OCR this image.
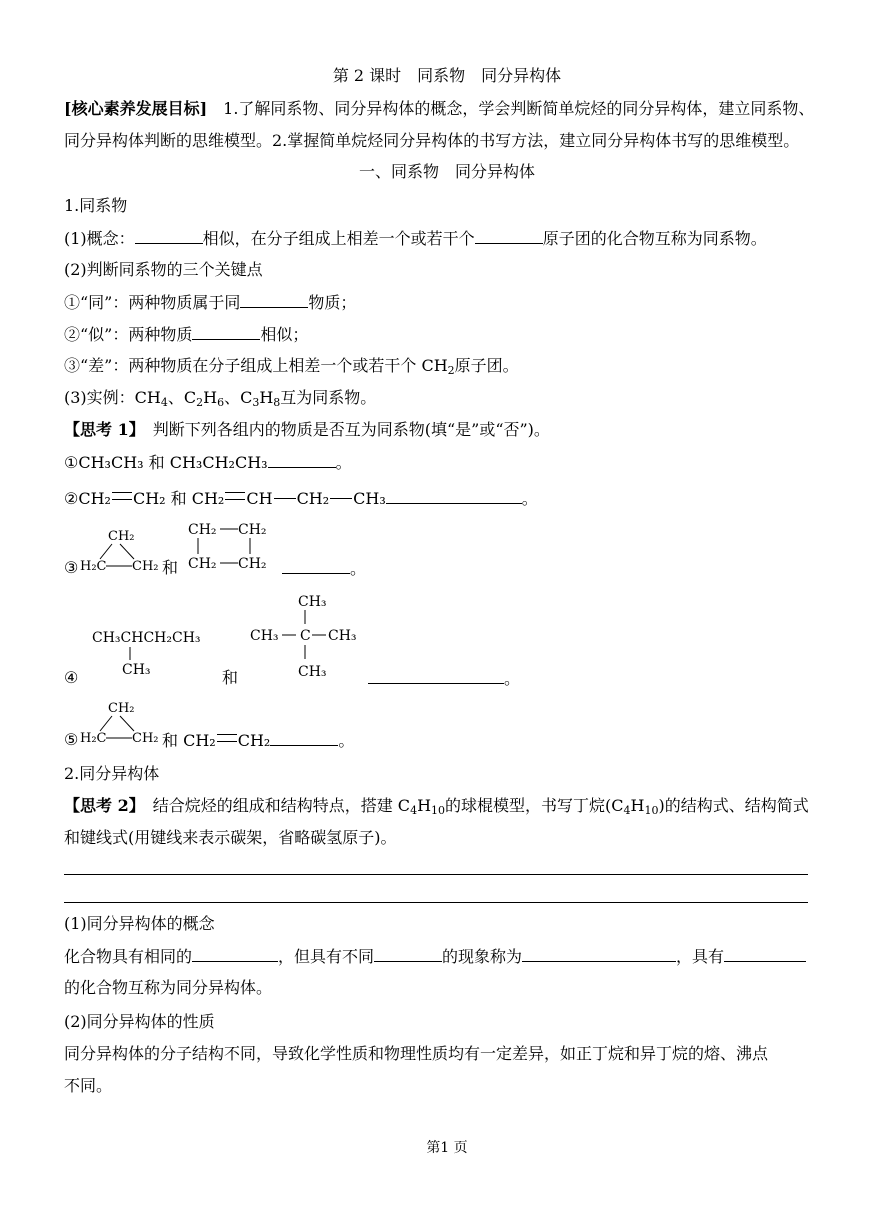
第 2 课时　同系物　同分异构体
[核心素养发展目标]　1.了解同系物、同分异构体的概念，学会判断简单烷烃的同分异构体，建立同系物、
同分异构体判断的思维模型。2.掌握简单烷烃同分异构体的书写方法，建立同分异构体书写的思维模型。
一、同系物　同分异构体
1.同系物
(1)概念：	相似，在分子组成上相差一个或若干个	原子团的化合物互称为同系物。
(2)判断同系物的三个关键点
①“同”：两种物质属于同	物质；
②“似”：两种物质	相似；
③“差”：两种物质在分子组成上相差一个或若干个 $CH_2$原子团。
(3)实例：$CH_4$、$C_2H_6$、$C_3H_8$互为同系物。
【思考 1】　判断下列各组内的物质是否互为同系物(填“是”或“否”)。
①CH₃CH₃ 和 CH₃CH₂CH₃	。
②CH₂ CH₂ 和 CH₂ CH CH₂ CH₃	。
③
CH₂
H₂C CH₂ 和
CH₂ CH₂
CH₂ CH₂	。
④
CH₃CHCH₂CH₃
CH₃	和
CH₃
CH₃ C CH₃
CH₃	。
⑤
CH₂
H₂C CH₂ 和 CH₂ CH₂	。
2.同分异构体
【思考 2】　结合烷烃的组成和结构特点，搭建 $C_4H_{10}$的球棍模型，书写丁烷$(C_4H_{10})$的结构式、结构简式
和键线式(用键线来表示碳架，省略碳氢原子)。
(1)同分异构体的概念
化合物具有相同的	，但具有不同	的现象称为	，具有
的化合物互称为同分异构体。
(2)同分异构体的性质
同分异构体的分子结构不同，导致化学性质和物理性质均有一定差异，如正丁烷和异丁烷的熔、沸点
不同。
第1 页
